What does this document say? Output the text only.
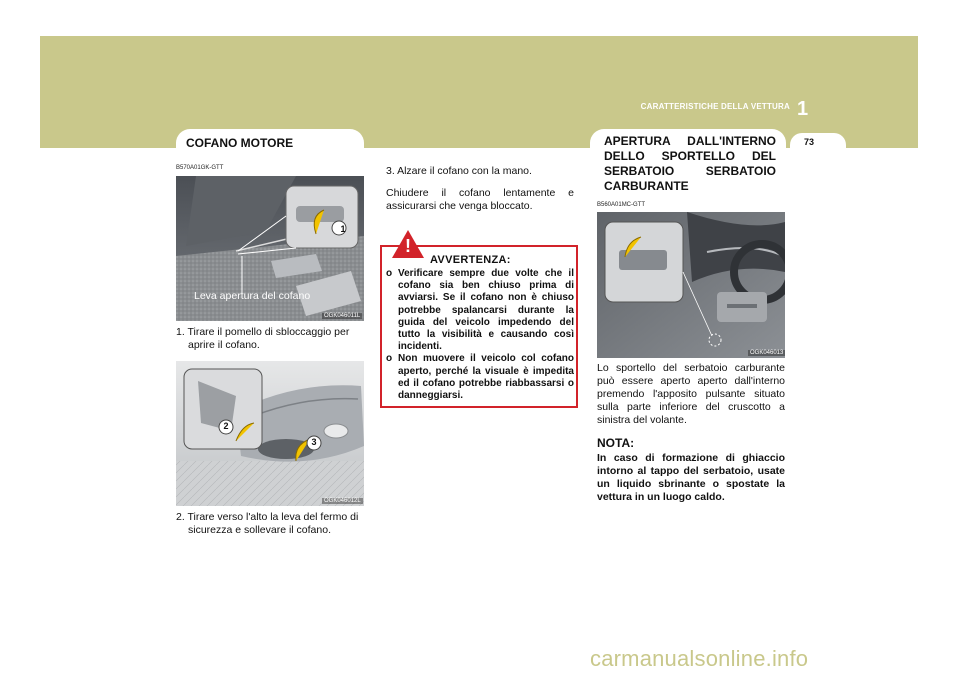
CARATTERISTICHE DELLA VETTURA 1
73
COFANO MOTORE	APERTURA DALL'INTERNO DELLO SPORTELLO DEL SERBATOIO SERBATOIO CARBURANTE
B570A01GK-GTT
1
Leva apertura del cofano
OGK046011L
1. Tirare il pomello di sbloccaggio per aprire il cofano.
2
3
OGK046012L
2. Tirare verso l'alto la leva del fermo di sicurezza e sollevare il cofano.
3. Alzare il cofano con la mano.
Chiudere il cofano lentamente e assicurarsi che venga bloccato.
!
AVVERTENZA:
o Verificare sempre due volte che il cofano sia ben chiuso prima di avviarsi. Se il cofano non è chiuso potrebbe spalancarsi durante la guida del veicolo impedendo del tutto la visibilità e causando così incidenti.
o Non muovere il veicolo col cofano aperto, perché la visuale è impedita ed il cofano potrebbe riabbassarsi o danneggiarsi.
B560A01MC-GTT
OGK046013
Lo sportello del serbatoio carburante può essere aperto aperto dall'interno premendo l'apposito pulsante situato sulla parte inferiore del cruscotto a sinistra del volante.
NOTA:
In caso di formazione di ghiaccio intorno al tappo del serbatoio, usate un liquido sbrinante o spostate la vettura in un luogo caldo.
carmanualsonline.info
